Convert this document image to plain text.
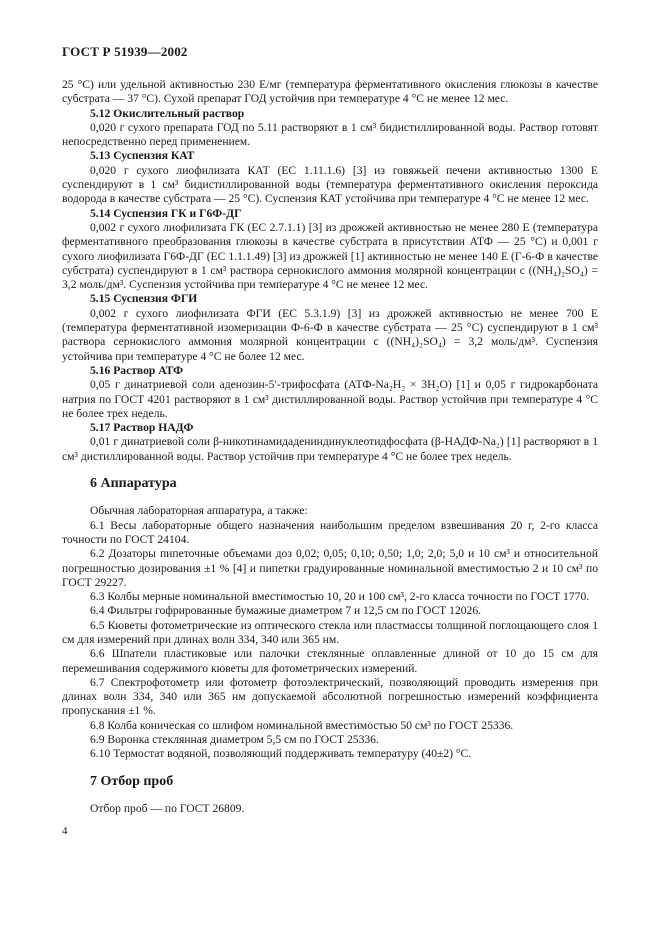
ГОСТ Р 51939—2002

25 °С) или удельной активностью 230 Е/мг (температура ферментативного окисления глюкозы в качестве субстрата — 37 °С). Сухой препарат ГОД устойчив при температуре 4 °С не менее 12 мес.

5.12 Окислительный раствор

0,020 г сухого препарата ГОД по 5.11 растворяют в 1 см³ бидистиллированной воды. Раствор готовят непосредственно перед применением.

5.13 Суспензия КАТ

0,020 г сухого лиофилизата КАТ (ЕС 1.11.1.6) [3] из говяжьей печени активностью 1300 Е суспендируют в 1 см³ бидистиллированной воды (температура ферментативного окисления пероксида водорода в качестве субстрата — 25 °С). Суспензия КАТ устойчива при температуре 4 °С не менее 12 мес.

5.14 Суспензия ГК и Г6Ф-ДГ

0,002 г сухого лиофилизата ГК (ЕС 2.7.1.1) [3] из дрожжей активностью не менее 280 Е (температура ферментативного преобразования глюкозы в качестве субстрата в присутствии АТФ — 25 °С) и 0,001 г сухого лиофилизата Г6Ф-ДГ (ЕС 1.1.1.49) [3] из дрожжей [1] активностью не менее 140 Е (Г-6-Ф в качестве субстрата) суспендируют в 1 см³ раствора сернокислого аммония молярной концентрации c ((NH₄)₂SO₄) = 3,2 моль/дм³. Суспензия устойчива при температуре 4 °С не менее 12 мес.

5.15 Суспензия ФГИ

0,002 г сухого лиофилизата ФГИ (ЕС 5.3.1.9) [3] из дрожжей активностью не менее 700 Е (температура ферментативной изомеризации Ф-6-Ф в качестве субстрата — 25 °С) суспендируют в 1 см³ раствора сернокислого аммония молярной концентрации c ((NH₄)₂SO₄) = 3,2 моль/дм³. Суспензия устойчива при температуре 4 °С не более 12 мес.

5.16 Раствор АТФ

0,05 г динатриевой соли аденозин-5′-трифосфата (АТФ-Na₂H₂ × 3H₂O) [1] и 0,05 г гидрокарбоната натрия по ГОСТ 4201 растворяют в 1 см³ дистиллированной воды. Раствор устойчив при температуре 4 °С не более трех недель.

5.17 Раствор НАДФ

0,01 г динатриевой соли β-никотинамидадениндинуклеотидфосфата (β-НАДФ-Na₂) [1] растворяют в 1 см³ дистиллированной воды. Раствор устойчив при температуре 4 °С не более трех недель.

6 Аппаратура

Обычная лабораторная аппаратура, а также:

6.1 Весы лабораторные общего назначения наибольшим пределом взвешивания 20 г, 2-го класса точности по ГОСТ 24104.

6.2 Дозаторы пипеточные объемами доз 0,02; 0,05; 0,10; 0,50; 1,0; 2,0; 5,0 и 10 см³ и относительной погрешностью дозирования ±1 % [4] и пипетки градуированные номинальной вместимостью 2 и 10 см³ по ГОСТ 29227.

6.3 Колбы мерные номинальной вместимостью 10, 20 и 100 см³, 2-го класса точности по ГОСТ 1770.

6.4 Фильтры гофрированные бумажные диаметром 7 и 12,5 см по ГОСТ 12026.

6.5 Кюветы фотометрические из оптического стекла или пластмассы толщиной поглощающего слоя 1 см для измерений при длинах волн 334, 340 или 365 нм.

6.6 Шпатели пластиковые или палочки стеклянные оплавленные длиной от 10 до 15 см для перемешивания содержимого кюветы для фотометрических измерений.

6.7 Спектрофотометр или фотометр фотоэлектрический, позволяющий проводить измерения при длинах волн 334, 340 или 365 нм допускаемой абсолютной погрешностью измерений коэффициента пропускания ±1 %.

6.8 Колба коническая со шлифом номинальной вместимостью 50 см³ по ГОСТ 25336.

6.9 Воронка стеклянная диаметром 5,5 см по ГОСТ 25336.

6.10 Термостат водяной, позволяющий поддерживать температуру (40±2) °С.

7 Отбор проб

Отбор проб — по ГОСТ 26809.

4
